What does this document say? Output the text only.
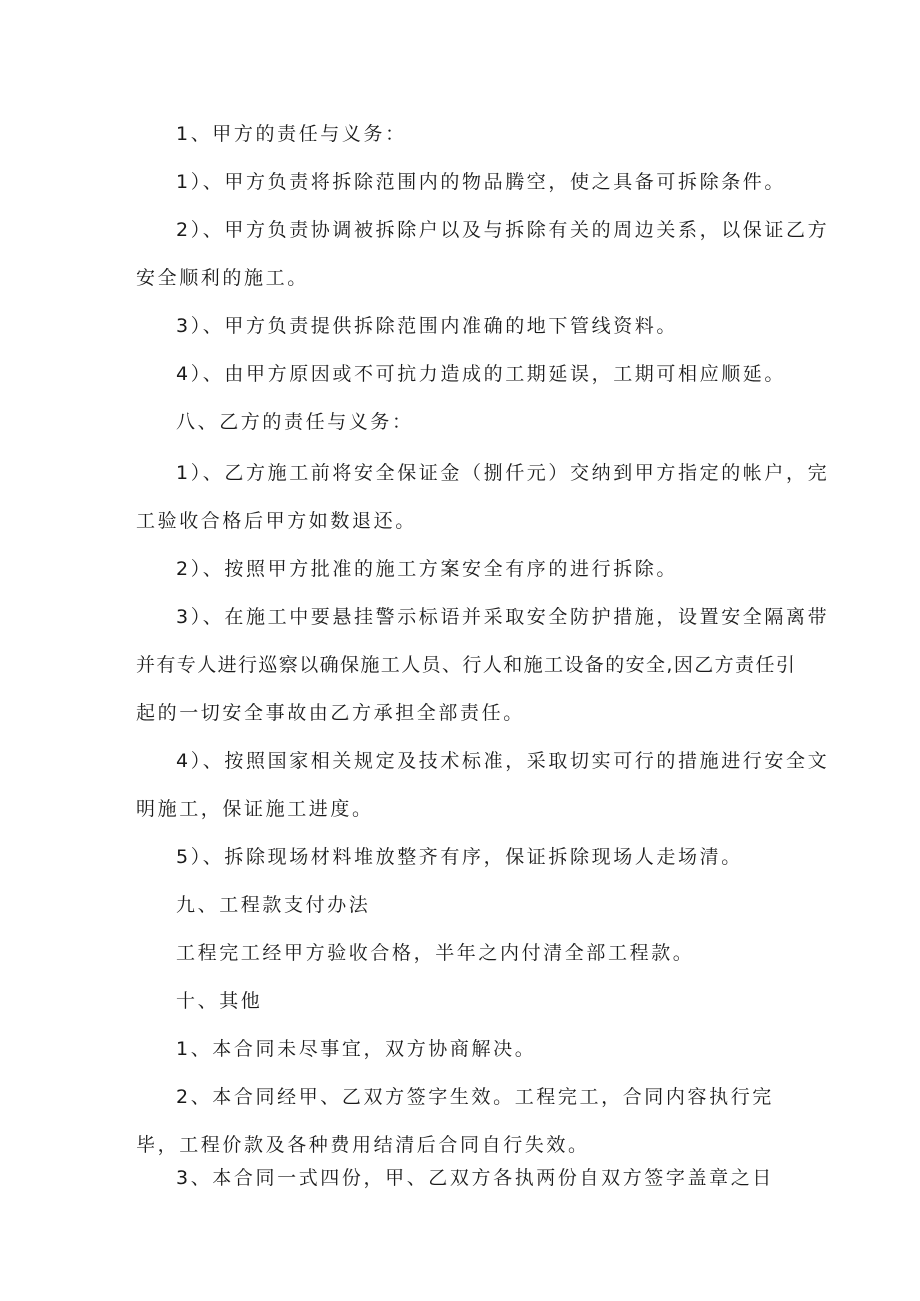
1、甲方的责任与义务：
1）、甲方负责将拆除范围内的物品腾空，使之具备可拆除条件。
2）、甲方负责协调被拆除户以及与拆除有关的周边关系，以保证乙方
安全顺利的施工。
3）、甲方负责提供拆除范围内准确的地下管线资料。
4）、由甲方原因或不可抗力造成的工期延误，工期可相应顺延。
八、乙方的责任与义务：
1）、乙方施工前将安全保证金（捌仟元）交纳到甲方指定的帐户，完
工验收合格后甲方如数退还。
2）、按照甲方批准的施工方案安全有序的进行拆除。
3）、在施工中要悬挂警示标语并采取安全防护措施，设置安全隔离带
并有专人进行巡察以确保施工人员、行人和施工设备的安全,因乙方责任引
起的一切安全事故由乙方承担全部责任。
4）、按照国家相关规定及技术标准，采取切实可行的措施进行安全文
明施工，保证施工进度。
5）、拆除现场材料堆放整齐有序，保证拆除现场人走场清。
九、工程款支付办法
工程完工经甲方验收合格，半年之内付清全部工程款。
十、其他
1、本合同未尽事宜，双方协商解决。
2、本合同经甲、乙双方签字生效。工程完工，合同内容执行完
毕，工程价款及各种费用结清后合同自行失效。
3、本合同一式四份，甲、乙双方各执两份自双方签字盖章之日
